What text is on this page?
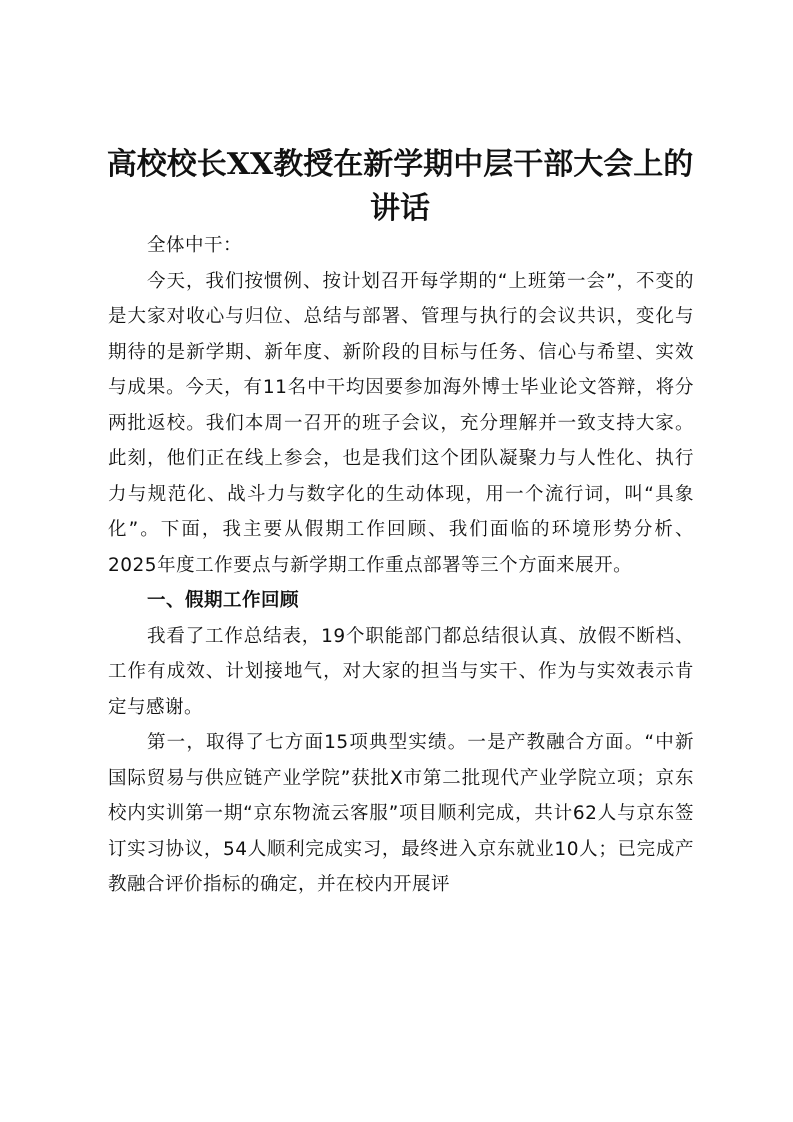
高校校长XX教授在新学期中层干部大会上的
讲话

全体中干：

今天，我们按惯例、按计划召开每学期的“上班第一会”，不变的是大家对收心与归位、总结与部署、管理与执行的会议共识，变化与期待的是新学期、新年度、新阶段的目标与任务、信心与希望、实效与成果。今天，有11名中干均因要参加海外博士毕业论文答辩，将分两批返校。我们本周一召开的班子会议，充分理解并一致支持大家。此刻，他们正在线上参会，也是我们这个团队凝聚力与人性化、执行力与规范化、战斗力与数字化的生动体现，用一个流行词，叫“具象化”。下面，我主要从假期工作回顾、我们面临的环境形势分析、2025年度工作要点与新学期工作重点部署等三个方面来展开。

一、假期工作回顾

我看了工作总结表，19个职能部门都总结很认真、放假不断档、工作有成效、计划接地气，对大家的担当与实干、作为与实效表示肯定与感谢。

第一，取得了七方面15项典型实绩。一是产教融合方面。“中新国际贸易与供应链产业学院”获批X市第二批现代产业学院立项；京东校内实训第一期“京东物流云客服”项目顺利完成，共计62人与京东签订实习协议，54人顺利完成实习，最终进入京东就业10人；已完成产教融合评价指标的确定，并在校内开展评
